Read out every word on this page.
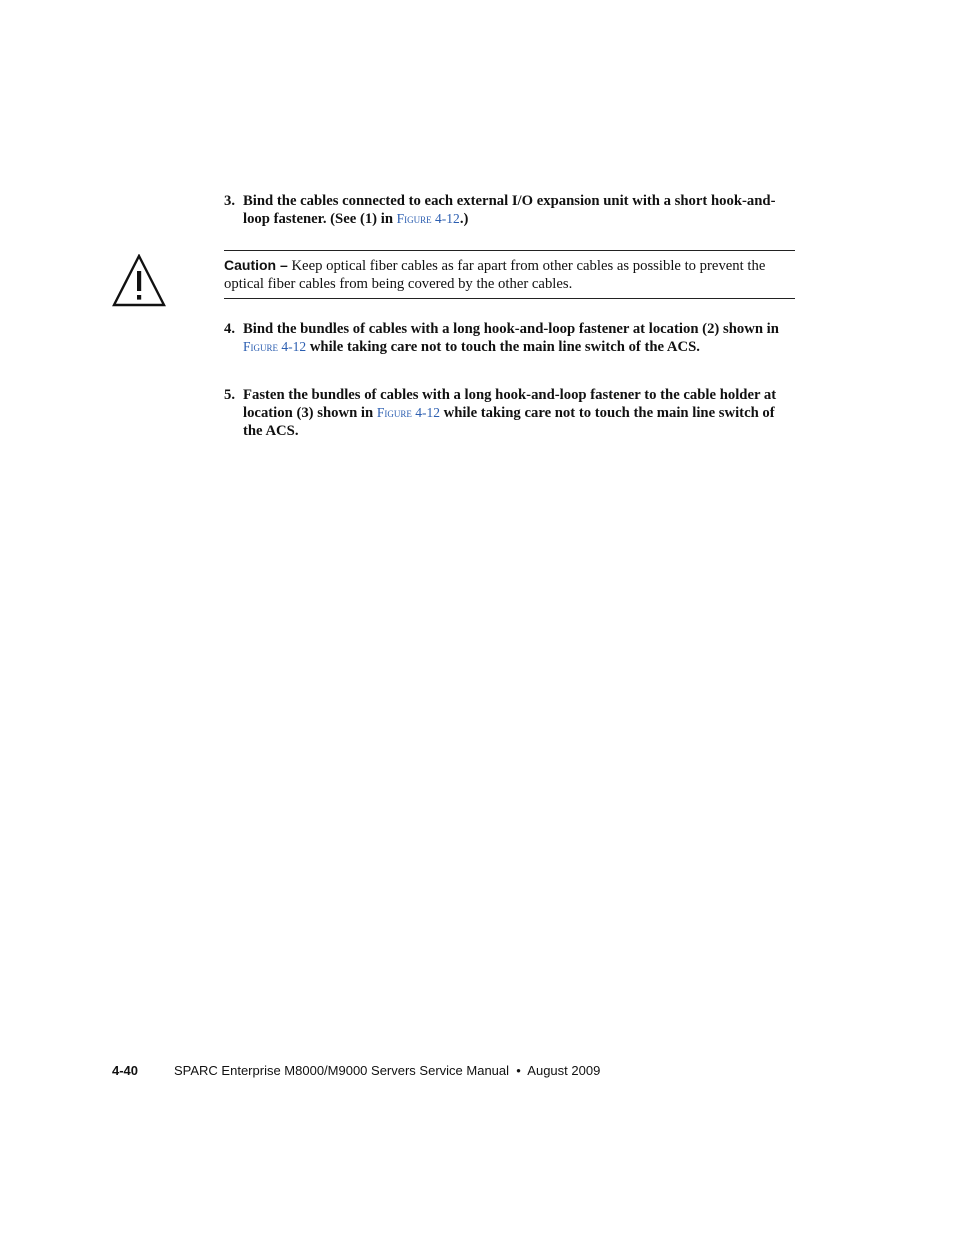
3. Bind the cables connected to each external I/O expansion unit with a short hook-and-loop fastener. (See (1) in Figure 4-12.)
Caution – Keep optical fiber cables as far apart from other cables as possible to prevent the optical fiber cables from being covered by the other cables.
4. Bind the bundles of cables with a long hook-and-loop fastener at location (2) shown in Figure 4-12 while taking care not to touch the main line switch of the ACS.
5. Fasten the bundles of cables with a long hook-and-loop fastener to the cable holder at location (3) shown in Figure 4-12 while taking care not to touch the main line switch of the ACS.
4-40	SPARC Enterprise M8000/M9000 Servers Service Manual  •  August 2009
